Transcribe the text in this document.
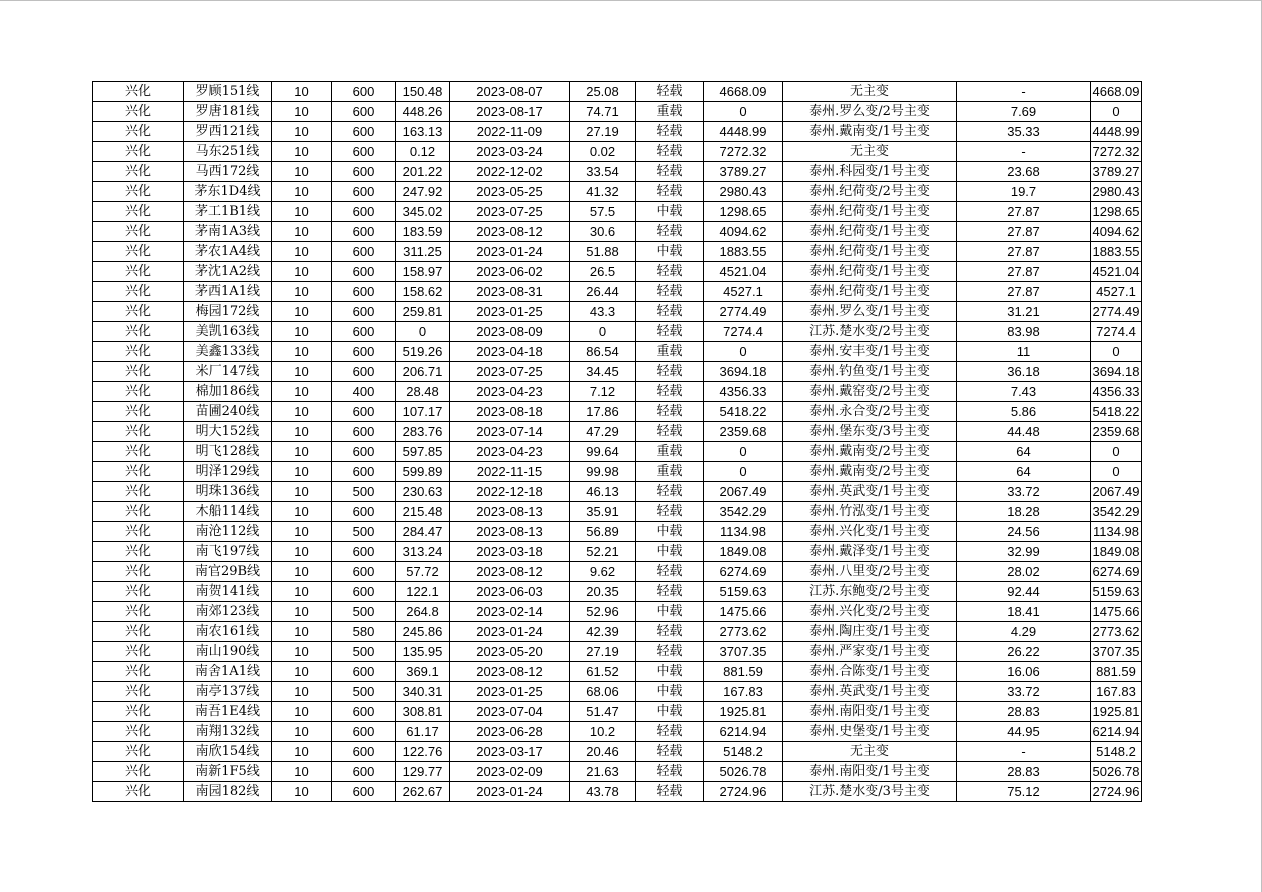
兴化	罗顾151线	10	600	150.48	2023-08-07	25.08	轻载	4668.09	无主变	-	4668.09
兴化	罗唐181线	10	600	448.26	2023-08-17	74.71	重载	0	泰州.罗么变/2号主变	7.69	0
兴化	罗西121线	10	600	163.13	2022-11-09	27.19	轻载	4448.99	泰州.戴南变/1号主变	35.33	4448.99
兴化	马东251线	10	600	0.12	2023-03-24	0.02	轻载	7272.32	无主变	-	7272.32
兴化	马西172线	10	600	201.22	2022-12-02	33.54	轻载	3789.27	泰州.科园变/1号主变	23.68	3789.27
兴化	茅东1D4线	10	600	247.92	2023-05-25	41.32	轻载	2980.43	泰州.纪荷变/2号主变	19.7	2980.43
兴化	茅工1B1线	10	600	345.02	2023-07-25	57.5	中载	1298.65	泰州.纪荷变/1号主变	27.87	1298.65
兴化	茅南1A3线	10	600	183.59	2023-08-12	30.6	轻载	4094.62	泰州.纪荷变/1号主变	27.87	4094.62
兴化	茅农1A4线	10	600	311.25	2023-01-24	51.88	中载	1883.55	泰州.纪荷变/1号主变	27.87	1883.55
兴化	茅沈1A2线	10	600	158.97	2023-06-02	26.5	轻载	4521.04	泰州.纪荷变/1号主变	27.87	4521.04
兴化	茅西1A1线	10	600	158.62	2023-08-31	26.44	轻载	4527.1	泰州.纪荷变/1号主变	27.87	4527.1
兴化	梅园172线	10	600	259.81	2023-01-25	43.3	轻载	2774.49	泰州.罗么变/1号主变	31.21	2774.49
兴化	美凯163线	10	600	0	2023-08-09	0	轻载	7274.4	江苏.楚水变/2号主变	83.98	7274.4
兴化	美鑫133线	10	600	519.26	2023-04-18	86.54	重载	0	泰州.安丰变/1号主变	11	0
兴化	米厂147线	10	600	206.71	2023-07-25	34.45	轻载	3694.18	泰州.钓鱼变/1号主变	36.18	3694.18
兴化	棉加186线	10	400	28.48	2023-04-23	7.12	轻载	4356.33	泰州.戴窑变/2号主变	7.43	4356.33
兴化	苗圃240线	10	600	107.17	2023-08-18	17.86	轻载	5418.22	泰州.永合变/2号主变	5.86	5418.22
兴化	明大152线	10	600	283.76	2023-07-14	47.29	轻载	2359.68	泰州.堡东变/3号主变	44.48	2359.68
兴化	明飞128线	10	600	597.85	2023-04-23	99.64	重载	0	泰州.戴南变/2号主变	64	0
兴化	明泽129线	10	600	599.89	2022-11-15	99.98	重载	0	泰州.戴南变/2号主变	64	0
兴化	明珠136线	10	500	230.63	2022-12-18	46.13	轻载	2067.49	泰州.英武变/1号主变	33.72	2067.49
兴化	木船114线	10	600	215.48	2023-08-13	35.91	轻载	3542.29	泰州.竹泓变/1号主变	18.28	3542.29
兴化	南沧112线	10	500	284.47	2023-08-13	56.89	中载	1134.98	泰州.兴化变/1号主变	24.56	1134.98
兴化	南飞197线	10	600	313.24	2023-03-18	52.21	中载	1849.08	泰州.戴泽变/1号主变	32.99	1849.08
兴化	南官29B线	10	600	57.72	2023-08-12	9.62	轻载	6274.69	泰州.八里变/2号主变	28.02	6274.69
兴化	南贺141线	10	600	122.1	2023-06-03	20.35	轻载	5159.63	江苏.东鲍变/2号主变	92.44	5159.63
兴化	南郊123线	10	500	264.8	2023-02-14	52.96	中载	1475.66	泰州.兴化变/2号主变	18.41	1475.66
兴化	南农161线	10	580	245.86	2023-01-24	42.39	轻载	2773.62	泰州.陶庄变/1号主变	4.29	2773.62
兴化	南山190线	10	500	135.95	2023-05-20	27.19	轻载	3707.35	泰州.严家变/1号主变	26.22	3707.35
兴化	南舍1A1线	10	600	369.1	2023-08-12	61.52	中载	881.59	泰州.合陈变/1号主变	16.06	881.59
兴化	南亭137线	10	500	340.31	2023-01-25	68.06	中载	167.83	泰州.英武变/1号主变	33.72	167.83
兴化	南吾1E4线	10	600	308.81	2023-07-04	51.47	中载	1925.81	泰州.南阳变/1号主变	28.83	1925.81
兴化	南翔132线	10	600	61.17	2023-06-28	10.2	轻载	6214.94	泰州.史堡变/1号主变	44.95	6214.94
兴化	南欣154线	10	600	122.76	2023-03-17	20.46	轻载	5148.2	无主变	-	5148.2
兴化	南新1F5线	10	600	129.77	2023-02-09	21.63	轻载	5026.78	泰州.南阳变/1号主变	28.83	5026.78
兴化	南园182线	10	600	262.67	2023-01-24	43.78	轻载	2724.96	江苏.楚水变/3号主变	75.12	2724.96
